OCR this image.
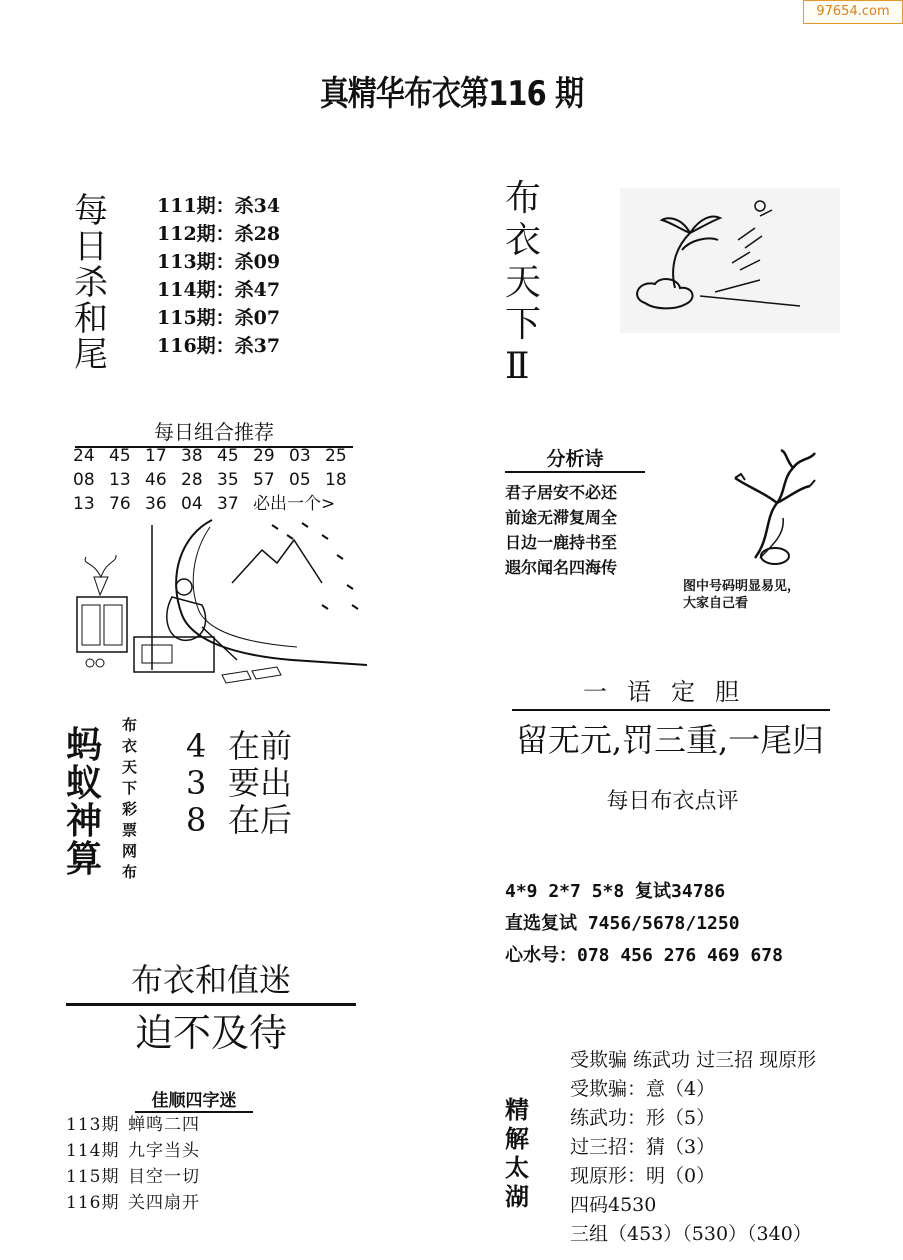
97654.com
真精华布衣第116 期
每
日
杀
和
尾
111期：杀34
112期：杀28
113期：杀09
114期：杀47
115期：杀07
116期：杀37
布
衣
天
下
Ⅱ
每日组合推荐
24 45 17 38 45 29 03 25
08 13 46 28 35 57 05 18
13 76 36 04 37 必出一个>
分析诗
君子居安不必还
前途无滞复周全
日边一鹿持书至
遐尔闻名四海传
图中号码明显易见，
大家自己看
一语定胆
留无元,罚三重,一尾归
每日布衣点评
蚂
蚁
神
算
布
衣
天
下
彩
票
网
布
4 在前
3 要出
8 在后
4*9 2*7 5*8 复试34786
直选复试 7456/5678/1250
心水号：078 456 276 469 678
布衣和值迷
迫不及待
佳顺四字迷
113期 蝉鸣二四
114期 九字当头
115期 目空一切
116期 关四扇开
精
解
太
湖
受欺骗 练武功 过三招 现原形
受欺骗：意（4）
练武功：形（5）
过三招：猜（3）
现原形：明（0）
四码4530
三组（453）（530）（340）
